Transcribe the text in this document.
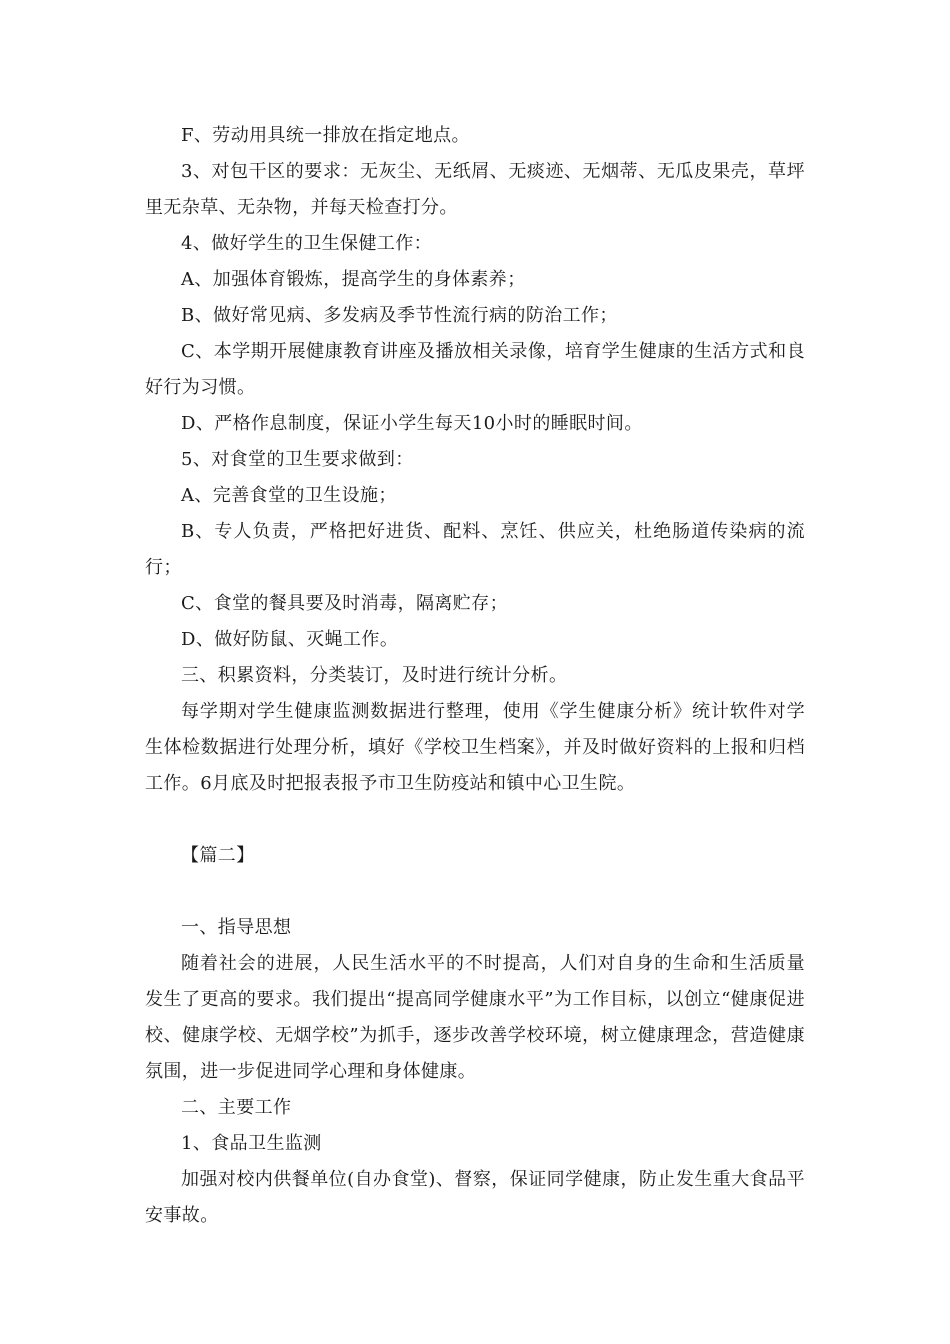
F、劳动用具统一排放在指定地点。

3、对包干区的要求：无灰尘、无纸屑、无痰迹、无烟蒂、无瓜皮果壳，草坪里无杂草、无杂物，并每天检查打分。

4、做好学生的卫生保健工作：

A、加强体育锻炼，提高学生的身体素养；

B、做好常见病、多发病及季节性流行病的防治工作；

C、本学期开展健康教育讲座及播放相关录像，培育学生健康的生活方式和良好行为习惯。

D、严格作息制度，保证小学生每天10小时的睡眠时间。

5、对食堂的卫生要求做到：

A、完善食堂的卫生设施；

B、专人负责，严格把好进货、配料、烹饪、供应关，杜绝肠道传染病的流行；

C、食堂的餐具要及时消毒，隔离贮存；

D、做好防鼠、灭蝇工作。

三、积累资料，分类装订，及时进行统计分析。

每学期对学生健康监测数据进行整理，使用《学生健康分析》统计软件对学生体检数据进行处理分析，填好《学校卫生档案》，并及时做好资料的上报和归档工作。6月底及时把报表报予市卫生防疫站和镇中心卫生院。

【篇二】

一、指导思想

随着社会的进展，人民生活水平的不时提高，人们对自身的生命和生活质量发生了更高的要求。我们提出“提高同学健康水平”为工作目标，以创立“健康促进校、健康学校、无烟学校”为抓手，逐步改善学校环境，树立健康理念，营造健康氛围，进一步促进同学心理和身体健康。

二、主要工作

1、食品卫生监测

加强对校内供餐单位(自办食堂)、督察，保证同学健康，防止发生重大食品平安事故。
